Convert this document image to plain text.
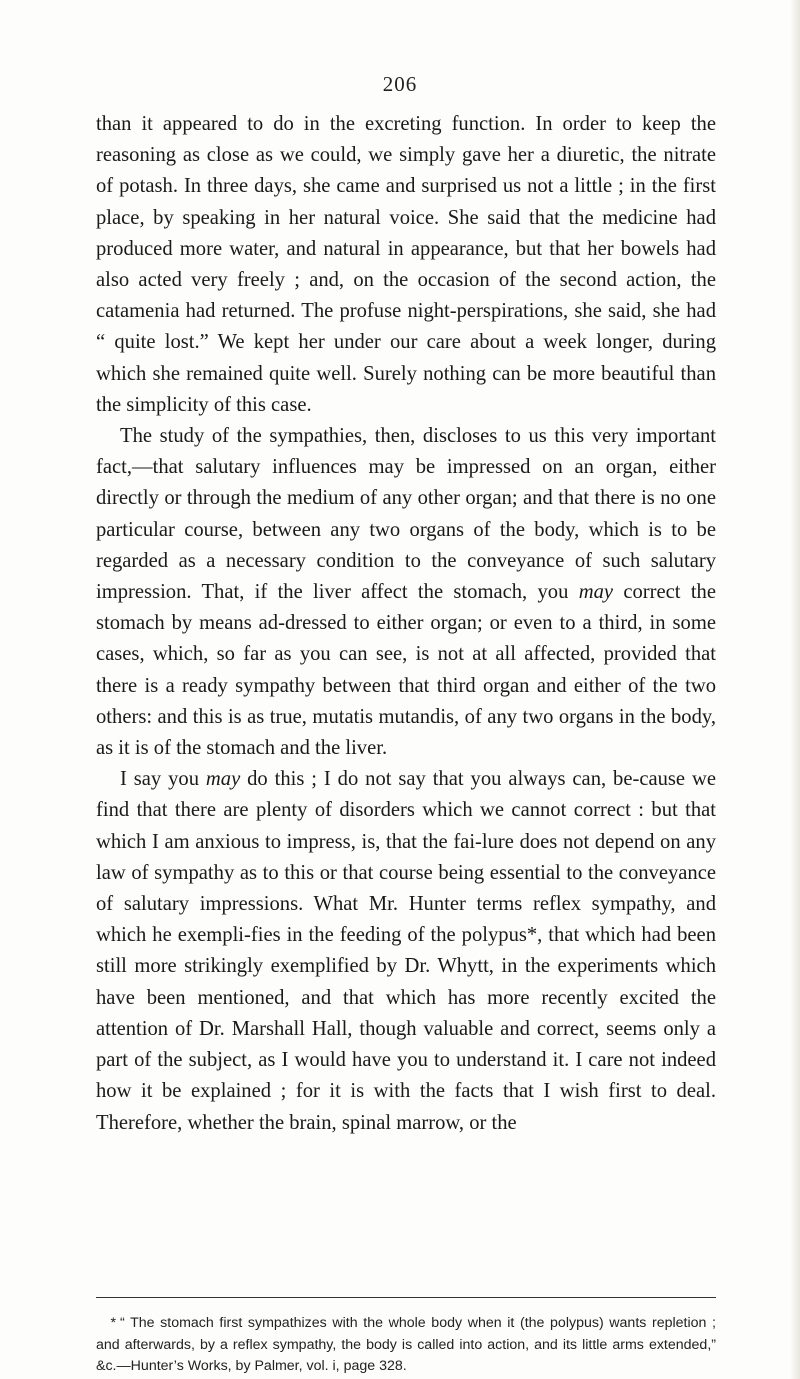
206

than it appeared to do in the excreting function. In order to keep the reasoning as close as we could, we simply gave her a diuretic, the nitrate of potash. In three days, she came and surprised us not a little ; in the first place, by speaking in her natural voice. She said that the medicine had produced more water, and natural in appearance, but that her bowels had also acted very freely ; and, on the occasion of the second action, the catamenia had returned. The profuse night-perspirations, she said, she had “ quite lost.” We kept her under our care about a week longer, during which she remained quite well. Surely nothing can be more beautiful than the simplicity of this case.

The study of the sympathies, then, discloses to us this very important fact,—that salutary influences may be impressed on an organ, either directly or through the medium of any other organ; and that there is no one particular course, between any two organs of the body, which is to be regarded as a necessary condition to the conveyance of such salutary impression. That, if the liver affect the stomach, you may correct the stomach by means ad-dressed to either organ; or even to a third, in some cases, which, so far as you can see, is not at all affected, provided that there is a ready sympathy between that third organ and either of the two others: and this is as true, mutatis mutandis, of any two organs in the body, as it is of the stomach and the liver.

I say you may do this ; I do not say that you always can, be-cause we find that there are plenty of disorders which we cannot correct : but that which I am anxious to impress, is, that the fai-lure does not depend on any law of sympathy as to this or that course being essential to the conveyance of salutary impressions. What Mr. Hunter terms reflex sympathy, and which he exempli-fies in the feeding of the polypus*, that which had been still more strikingly exemplified by Dr. Whytt, in the experiments which have been mentioned, and that which has more recently excited the attention of Dr. Marshall Hall, though valuable and correct, seems only a part of the subject, as I would have you to understand it. I care not indeed how it be explained ; for it is with the facts that I wish first to deal. Therefore, whether the brain, spinal marrow, or the

* “ The stomach first sympathizes with the whole body when it (the polypus) wants repletion ; and afterwards, by a reflex sympathy, the body is called into action, and its little arms extended,” &c.—Hunter’s Works, by Palmer, vol. i, page 328.
